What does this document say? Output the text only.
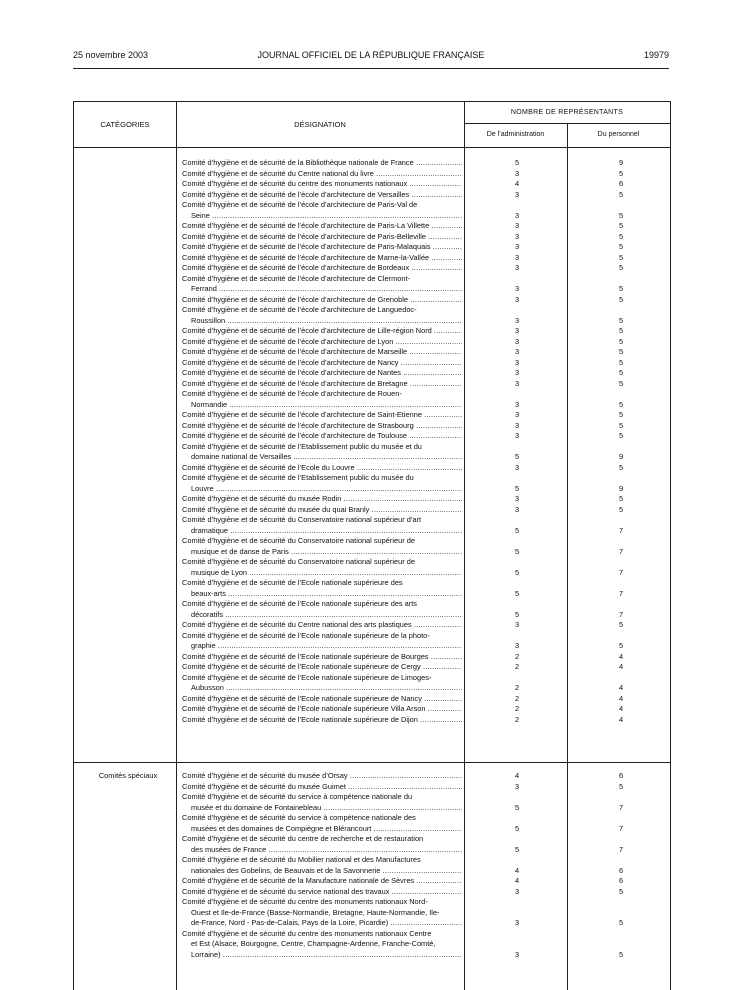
25 novembre 2003	JOURNAL OFFICIEL DE LA RÉPUBLIQUE FRANÇAISE	19979
CATÉGORIES	DÉSIGNATION
NOMBRE DE REPRÉSENTANTS
De l’administration	Du personnel
Comité d’hygiène et de sécurité de la Bibliothèque nationale de France .....	5	9
Comité d’hygiène et de sécurité du Centre national du livre .....	3	5
Comité d’hygiène et de sécurité du centre des monuments nationaux .....	4	6
Comité d’hygiène et de sécurité de l’école d’architecture de Versailles .....	3	5
Comité d’hygiène et de sécurité de l’école d’architecture de Paris-Val de
Seine .....	3	5
Comité d’hygiène et de sécurité de l’école d’architecture de Paris-La Villette .....	3	5
Comité d’hygiène et de sécurité de l’école d’architecture de Paris-Belleville .....	3	5
Comité d’hygiène et de sécurité de l’école d’architecture de Paris-Malaquais .....	3	5
Comité d’hygiène et de sécurité de l’école d’architecture de Marne-la-Vallée .....	3	5
Comité d’hygiène et de sécurité de l’école d’architecture de Bordeaux .....	3	5
Comité d’hygiène et de sécurité de l’école d’architecture de Clermont-
Ferrand .....	3	5
Comité d’hygiène et de sécurité de l’école d’architecture de Grenoble .....	3	5
Comité d’hygiène et de sécurité de l’école d’architecture de Languedoc-
Roussillon .....	3	5
Comité d’hygiène et de sécurité de l’école d’architecture de Lille-région Nord .....	3	5
Comité d’hygiène et de sécurité de l’école d’architecture de Lyon .....	3	5
Comité d’hygiène et de sécurité de l’école d’architecture de Marseille .....	3	5
Comité d’hygiène et de sécurité de l’école d’architecture de Nancy .....	3	5
Comité d’hygiène et de sécurité de l’école d’architecture de Nantes .....	3	5
Comité d’hygiène et de sécurité de l’école d’architecture de Bretagne .....	3	5
Comité d’hygiène et de sécurité de l’école d’architecture de Rouen-
Normandie .....	3	5
Comité d’hygiène et de sécurité de l’école d’architecture de Saint-Etienne .....	3	5
Comité d’hygiène et de sécurité de l’école d’architecture de Strasbourg .....	3	5
Comité d’hygiène et de sécurité de l’école d’architecture de Toulouse .....	3	5
Comité d’hygiène et de sécurité de l’Etablissement public du musée et du
domaine national de Versailles .....	5	9
Comité d’hygiène et de sécurité de l’Ecole du Louvre .....	3	5
Comité d’hygiène et de sécurité de l’Etablissement public du musée du
Louvre .....	5	9
Comité d’hygiène et de sécurité du musée Rodin .....	3	5
Comité d’hygiène et de sécurité du musée du quai Branly .....	3	5
Comité d’hygiène et de sécurité du Conservatoire national supérieur d’art
dramatique .....	5	7
Comité d’hygiène et de sécurité du Conservatoire national supérieur de
musique et de danse de Paris .....	5	7
Comité d’hygiène et de sécurité du Conservatoire national supérieur de
musique de Lyon .....	5	7
Comité d’hygiène et de sécurité de l’Ecole nationale supérieure des
beaux-arts .....	5	7
Comité d’hygiène et de sécurité de l’Ecole nationale supérieure des arts
décoratifs .....	5	7
Comité d’hygiène et de sécurité du Centre national des arts plastiques .....	3	5
Comité d’hygiène et de sécurité de l’Ecole nationale supérieure de la photo-
graphie .....	3	5
Comité d’hygiène et de sécurité de l’Ecole nationale supérieure de Bourges .....	2	4
Comité d’hygiène et de sécurité de l’Ecole nationale supérieure de Cergy .....	2	4
Comité d’hygiène et de sécurité de l’Ecole nationale supérieure de Limoges-
Aubusson .....	2	4
Comité d’hygiène et de sécurité de l’Ecole nationale supérieure de Nancy .....	2	4
Comité d’hygiène et de sécurité de l’Ecole nationale supérieure Villa Arson .....	2	4
Comité d’hygiène et de sécurité de l’Ecole nationale supérieure de Dijon .....	2	4
Comités spéciaux	Comité d’hygiène et de sécurité du musée d’Orsay .....	4	6
Comité d’hygiène et de sécurité du musée Guimet .....	3	5
Comité d’hygiène et de sécurité du service à compétence nationale du
musée et du domaine de Fontainebleau .....	5	7
Comité d’hygiène et de sécurité du service à compétence nationale des
musées et des domaines de Compiègne et Blérancourt .....	5	7
Comité d’hygiène et de sécurité du centre de recherche et de restauration
des musées de France .....	5	7
Comité d’hygiène et de sécurité du Mobilier national et des Manufactures
nationales des Gobelins, de Beauvais et de la Savonnerie .....	4	6
Comité d’hygiène et de sécurité de la Manufacture nationale de Sèvres .....	4	6
Comité d’hygiène et de sécurité du service national des travaux .....	3	5
Comité d’hygiène et de sécurité du centre des monuments nationaux Nord-
Ouest et Ile-de-France (Basse-Normandie, Bretagne, Haute-Normandie, Ile-
de-France, Nord - Pas-de-Calais, Pays de la Loire, Picardie) .....	3	5
Comité d’hygiène et de sécurité du centre des monuments nationaux Centre
et Est (Alsace, Bourgogne, Centre, Champagne-Ardenne, Franche-Comté,
Lorraine) .....	3	5
